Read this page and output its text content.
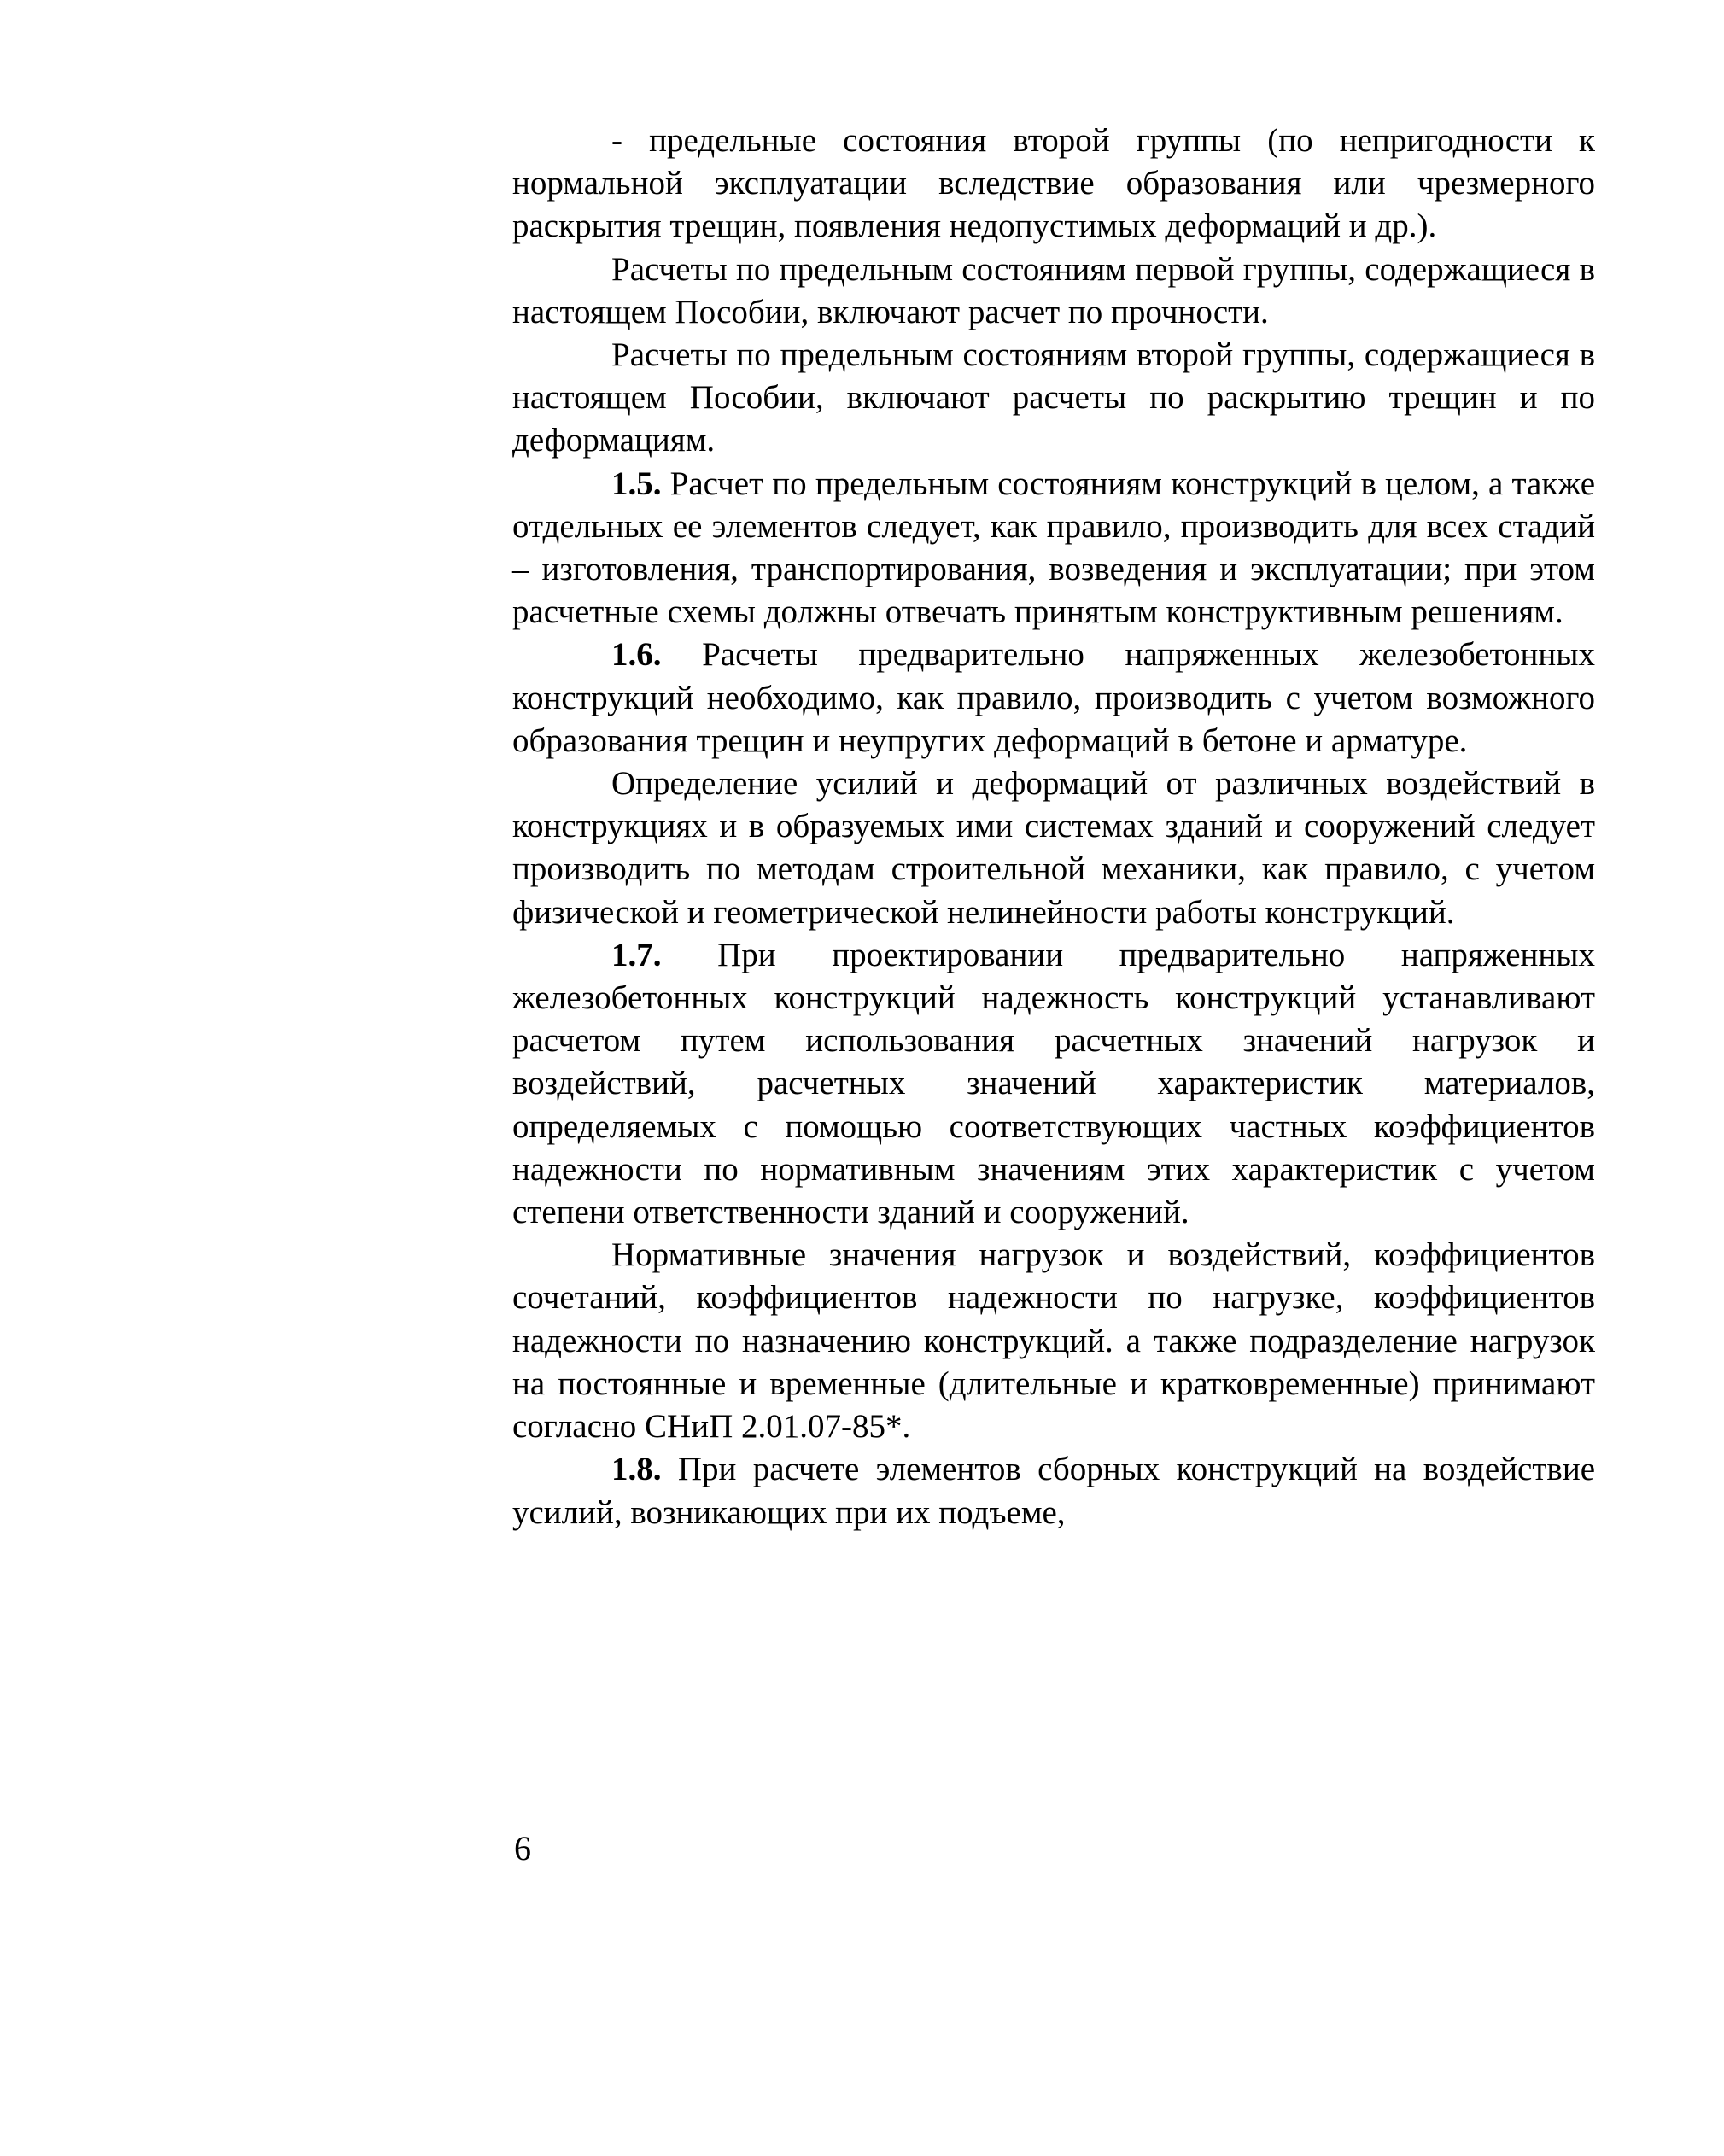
- предельные состояния второй группы (по непригодности к нормальной эксплуатации вследствие образования или чрезмерного раскрытия трещин, появления недопустимых деформаций и др.).

Расчеты по предельным состояниям первой группы, содержащиеся в настоящем Пособии, включают расчет по прочности.

Расчеты по предельным состояниям второй группы, содержащиеся в настоящем Пособии, включают расчеты по раскрытию трещин и по деформациям.

1.5. Расчет по предельным состояниям конструкций в целом, а также отдельных ее элементов следует, как правило, производить для всех стадий – изготовления, транспортирования, возведения и эксплуатации; при этом расчетные схемы должны отвечать принятым конструктивным решениям.

1.6. Расчеты предварительно напряженных железобетонных конструкций необходимо, как правило, производить с учетом возможного образования трещин и неупругих деформаций в бетоне и арматуре.

Определение усилий и деформаций от различных воздействий в конструкциях и в образуемых ими системах зданий и сооружений следует производить по методам строительной механики, как правило, с учетом физической и геометрической нелинейности работы конструкций.

1.7. При проектировании предварительно напряженных железобетонных конструкций надежность конструкций устанавливают расчетом путем использования расчетных значений нагрузок и воздействий, расчетных значений характеристик материалов, определяемых с помощью соответствующих частных коэффициентов надежности по нормативным значениям этих характеристик с учетом степени ответственности зданий и сооружений.

Нормативные значения нагрузок и воздействий, коэффициентов сочетаний, коэффициентов надежности по нагрузке, коэффициентов надежности по назначению конструкций. а также подразделение нагрузок на постоянные и временные (длительные и кратковременные) принимают согласно СНиП 2.01.07-85*.

1.8. При расчете элементов сборных конструкций на воздействие усилий, возникающих при их подъеме,

6
